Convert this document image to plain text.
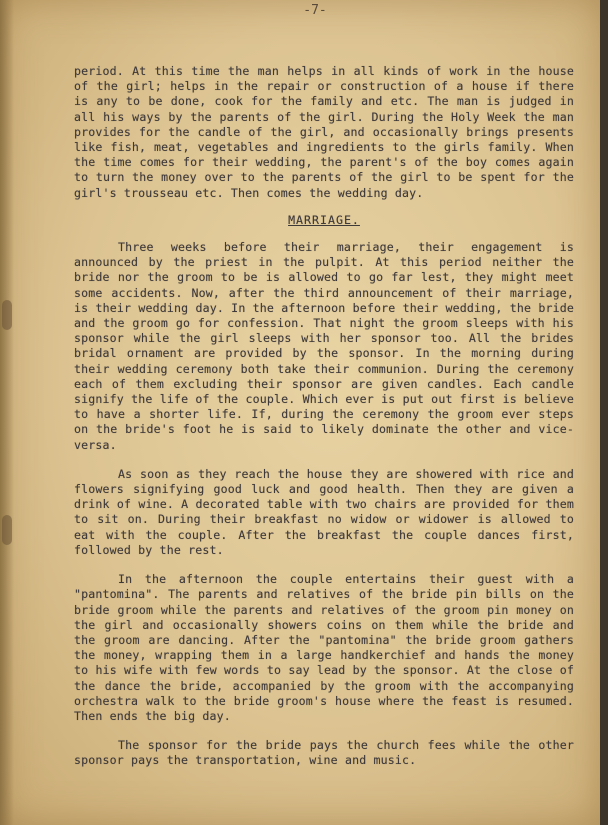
-7-

period. At this time the man helps in all kinds of work in the house of the girl; helps in the repair or construction of a house if there is any to be done, cook for the family and etc. The man is judged in all his ways by the parents of the girl. During the Holy Week the man provides for the candle of the girl, and occasionally brings presents like fish, meat, vegetables and ingredients to the girls family. When the time comes for their wedding, the parent's of the boy comes again to turn the money over to the parents of the girl to be spent for the girl's trousseau etc. Then comes the wedding day.

MARRIAGE.

Three weeks before their marriage, their engagement is announced by the priest in the pulpit. At this period neither the bride nor the groom to be is allowed to go far lest, they might meet some accidents. Now, after the third announcement of their marriage, is their wedding day. In the afternoon before their wedding, the bride and the groom go for confession. That night the groom sleeps with his sponsor while the girl sleeps with her sponsor too. All the brides bridal ornament are provided by the sponsor. In the morning during their wedding ceremony both take their communion. During the ceremony each of them excluding their sponsor are given candles. Each candle signify the life of the couple. Which ever is put out first is believe to have a shorter life. If, during the ceremony the groom ever steps on the bride's foot he is said to likely dominate the other and vice-versa.

As soon as they reach the house they are showered with rice and flowers signifying good luck and good health. Then they are given a drink of wine. A decorated table with two chairs are provided for them to sit on. During their breakfast no widow or widower is allowed to eat with the couple. After the breakfast the couple dances first, followed by the rest.

In the afternoon the couple entertains their guest with a "pantomina". The parents and relatives of the bride pin bills on the bride groom while the parents and relatives of the groom pin money on the girl and occasionally showers coins on them while the bride and the groom are dancing. After the "pantomina" the bride groom gathers the money, wrapping them in a large handkerchief and hands the money to his wife with few words to say lead by the sponsor. At the close of the dance the bride, accompanied by the groom with the accompanying orchestra walk to the bride groom's house where the feast is resumed. Then ends the big day.

The sponsor for the bride pays the church fees while the other sponsor pays the transportation, wine and music.
